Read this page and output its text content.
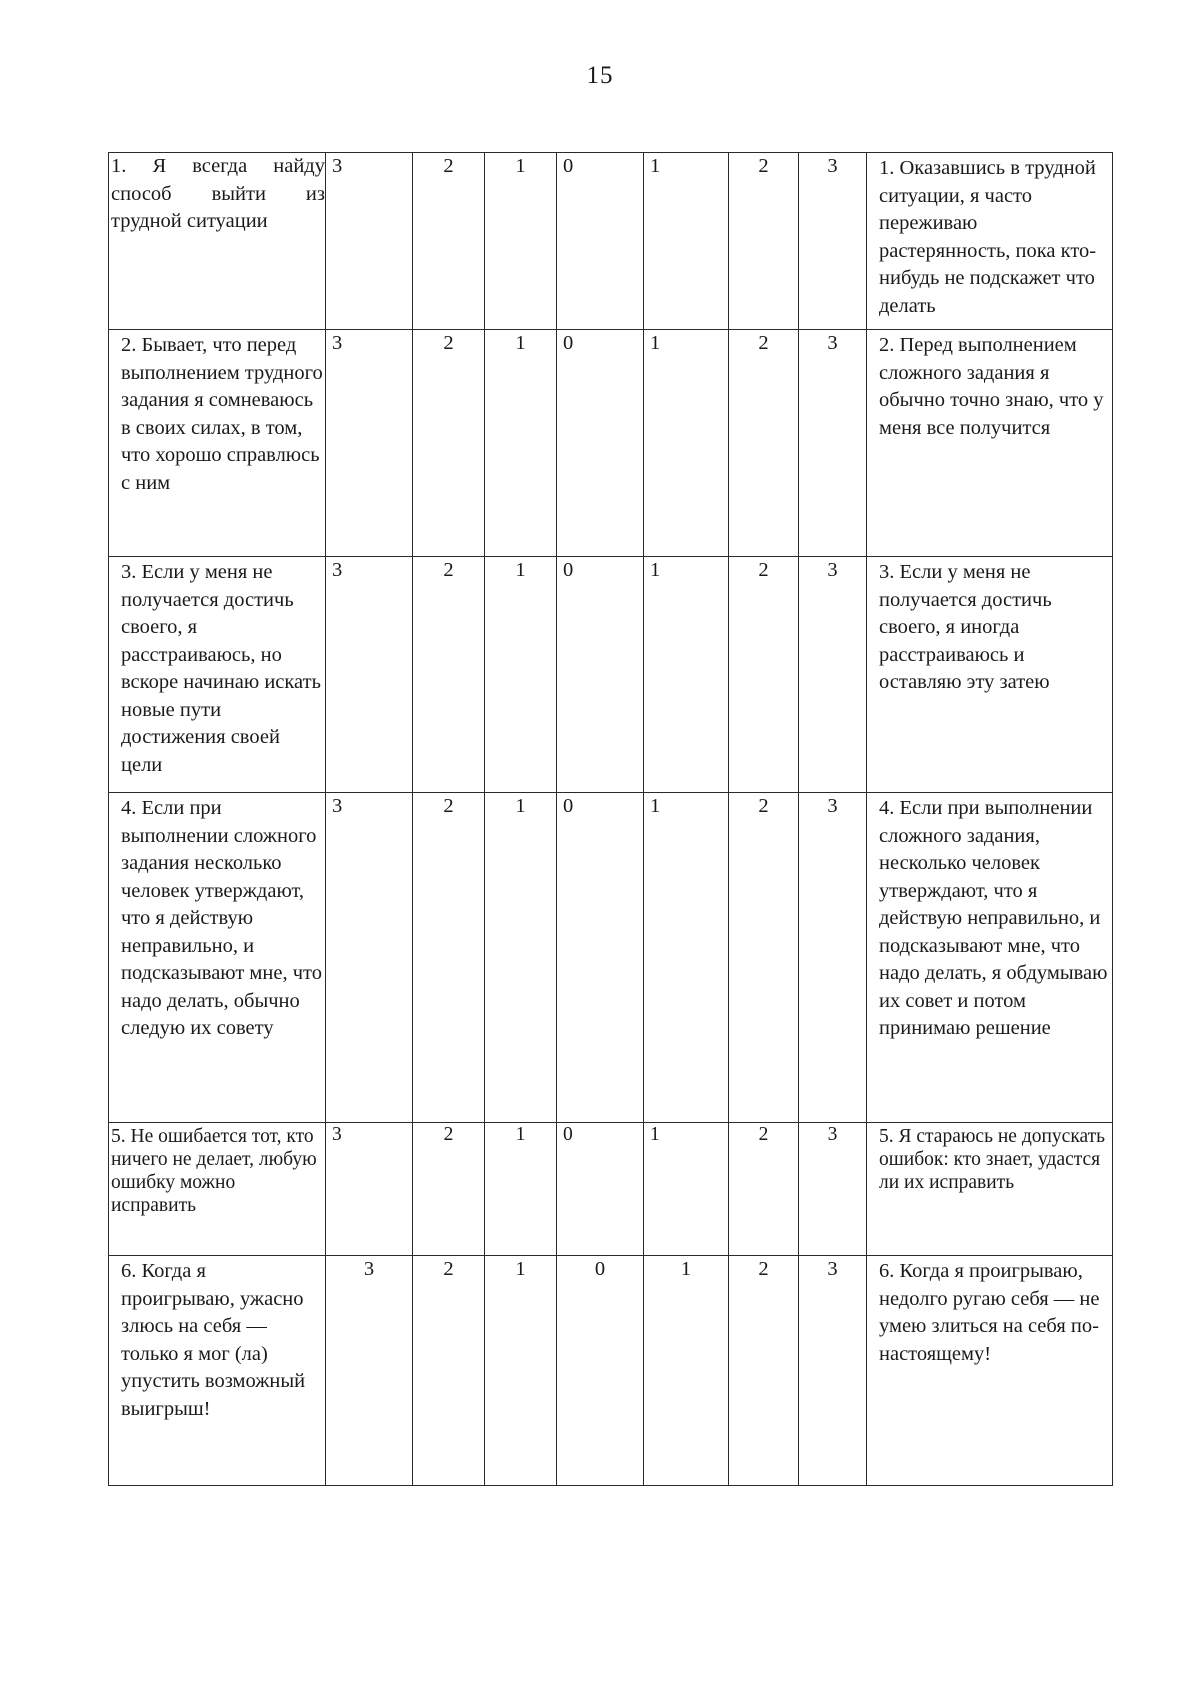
15
1. Я всегда найду способ выйти из трудной ситуации	3	2	1	0	1	2	3	1. Оказавшись в трудной ситуации, я часто переживаю растерянность, пока кто-нибудь не подскажет что делать
2. Бывает, что перед выполнением трудного задания я сомневаюсь в своих силах, в том, что хорошо справлюсь с ним	3	2	1	0	1	2	3	2. Перед выполнением сложного задания я обычно точно знаю, что у меня все получится
3. Если у меня не получается достичь своего, я расстраиваюсь, но вскоре начинаю искать новые пути достижения своей цели	3	2	1	0	1	2	3	3. Если у меня не получается достичь своего, я иногда расстраиваюсь и оставляю эту затею
4. Если при выполнении сложного задания несколько человек утверждают, что я действую неправильно, и подсказывают мне, что надо делать, обычно следую их совету	3	2	1	0	1	2	3	4. Если при выполнении сложного задания, несколько человек утверждают, что я действую неправильно, и подсказывают мне, что надо делать, я обдумываю их совет и потом принимаю решение
5. Не ошибается тот, кто ничего не делает, любую ошибку можно исправить	3	2	1	0	1	2	3	5. Я стараюсь не допускать ошибок: кто знает, удастся ли их исправить
6. Когда я проигрываю, ужасно злюсь на себя — только я мог (ла) упустить возможный выигрыш!	3	2	1	0	1	2	3	6. Когда я проигрываю, недолго ругаю себя — не умею злиться на себя по- настоящему!
